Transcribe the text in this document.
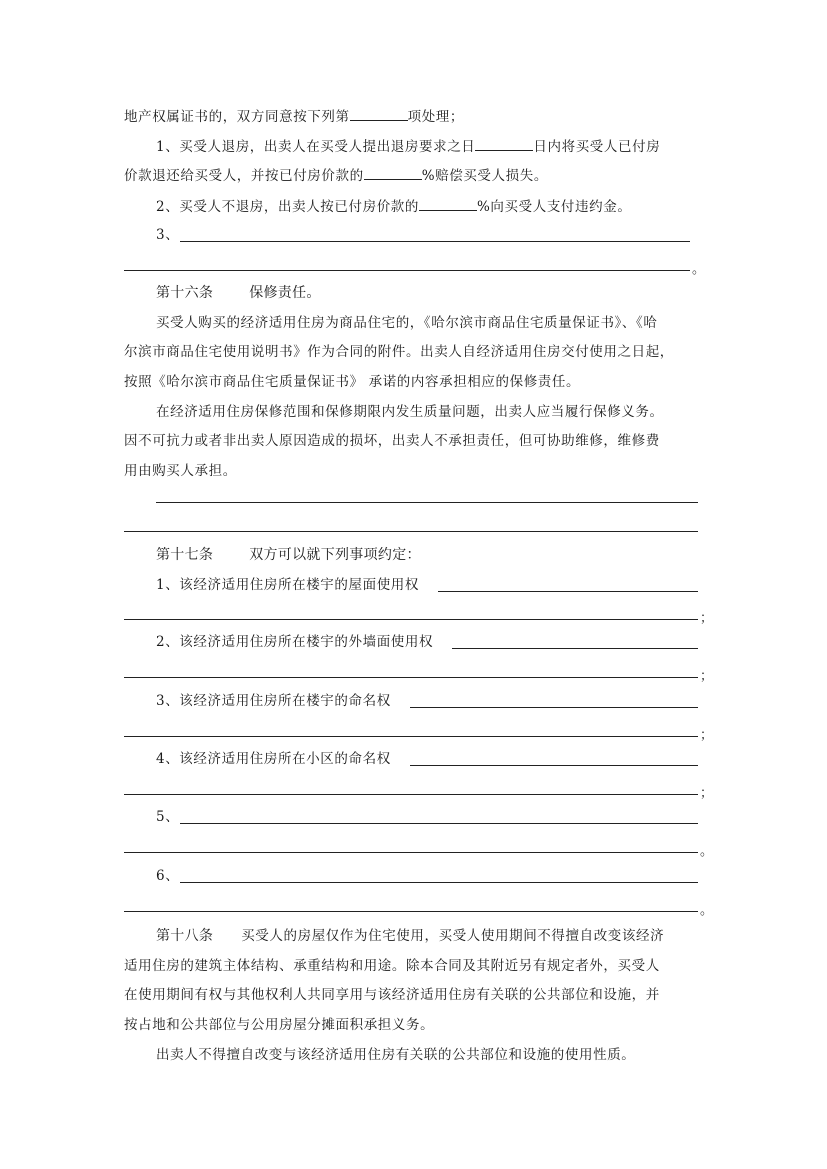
地产权属证书的，双方同意按下列第	项处理；
1、买受人退房，出卖人在买受人提出退房要求之日	日内将买受人已付房
价款退还给买受人，并按已付房价款的	%赔偿买受人损失。
2、买受人不退房，出卖人按已付房价款的	%向买受人支付违约金。
3、
。
第十六条	保修责任。
买受人购买的经济适用住房为商品住宅的，《哈尔滨市商品住宅质量保证书》、《哈
尔滨市商品住宅使用说明书》作为合同的附件。出卖人自经济适用住房交付使用之日起，
按照《哈尔滨市商品住宅质量保证书》 承诺的内容承担相应的保修责任。
在经济适用住房保修范围和保修期限内发生质量问题，出卖人应当履行保修义务。
因不可抗力或者非出卖人原因造成的损坏，出卖人不承担责任，但可协助维修，维修费
用由购买人承担。
第十七条	双方可以就下列事项约定：
1、该经济适用住房所在楼宇的屋面使用权
；
2、该经济适用住房所在楼宇的外墙面使用权
；
3、该经济适用住房所在楼宇的命名权
；
4、该经济适用住房所在小区的命名权
；
5、
。
6、
。
第十八条 买受人的房屋仅作为住宅使用，买受人使用期间不得擅自改变该经济
适用住房的建筑主体结构、承重结构和用途。除本合同及其附近另有规定者外，买受人
在使用期间有权与其他权利人共同享用与该经济适用住房有关联的公共部位和设施，并
按占地和公共部位与公用房屋分摊面积承担义务。
出卖人不得擅自改变与该经济适用住房有关联的公共部位和设施的使用性质。
